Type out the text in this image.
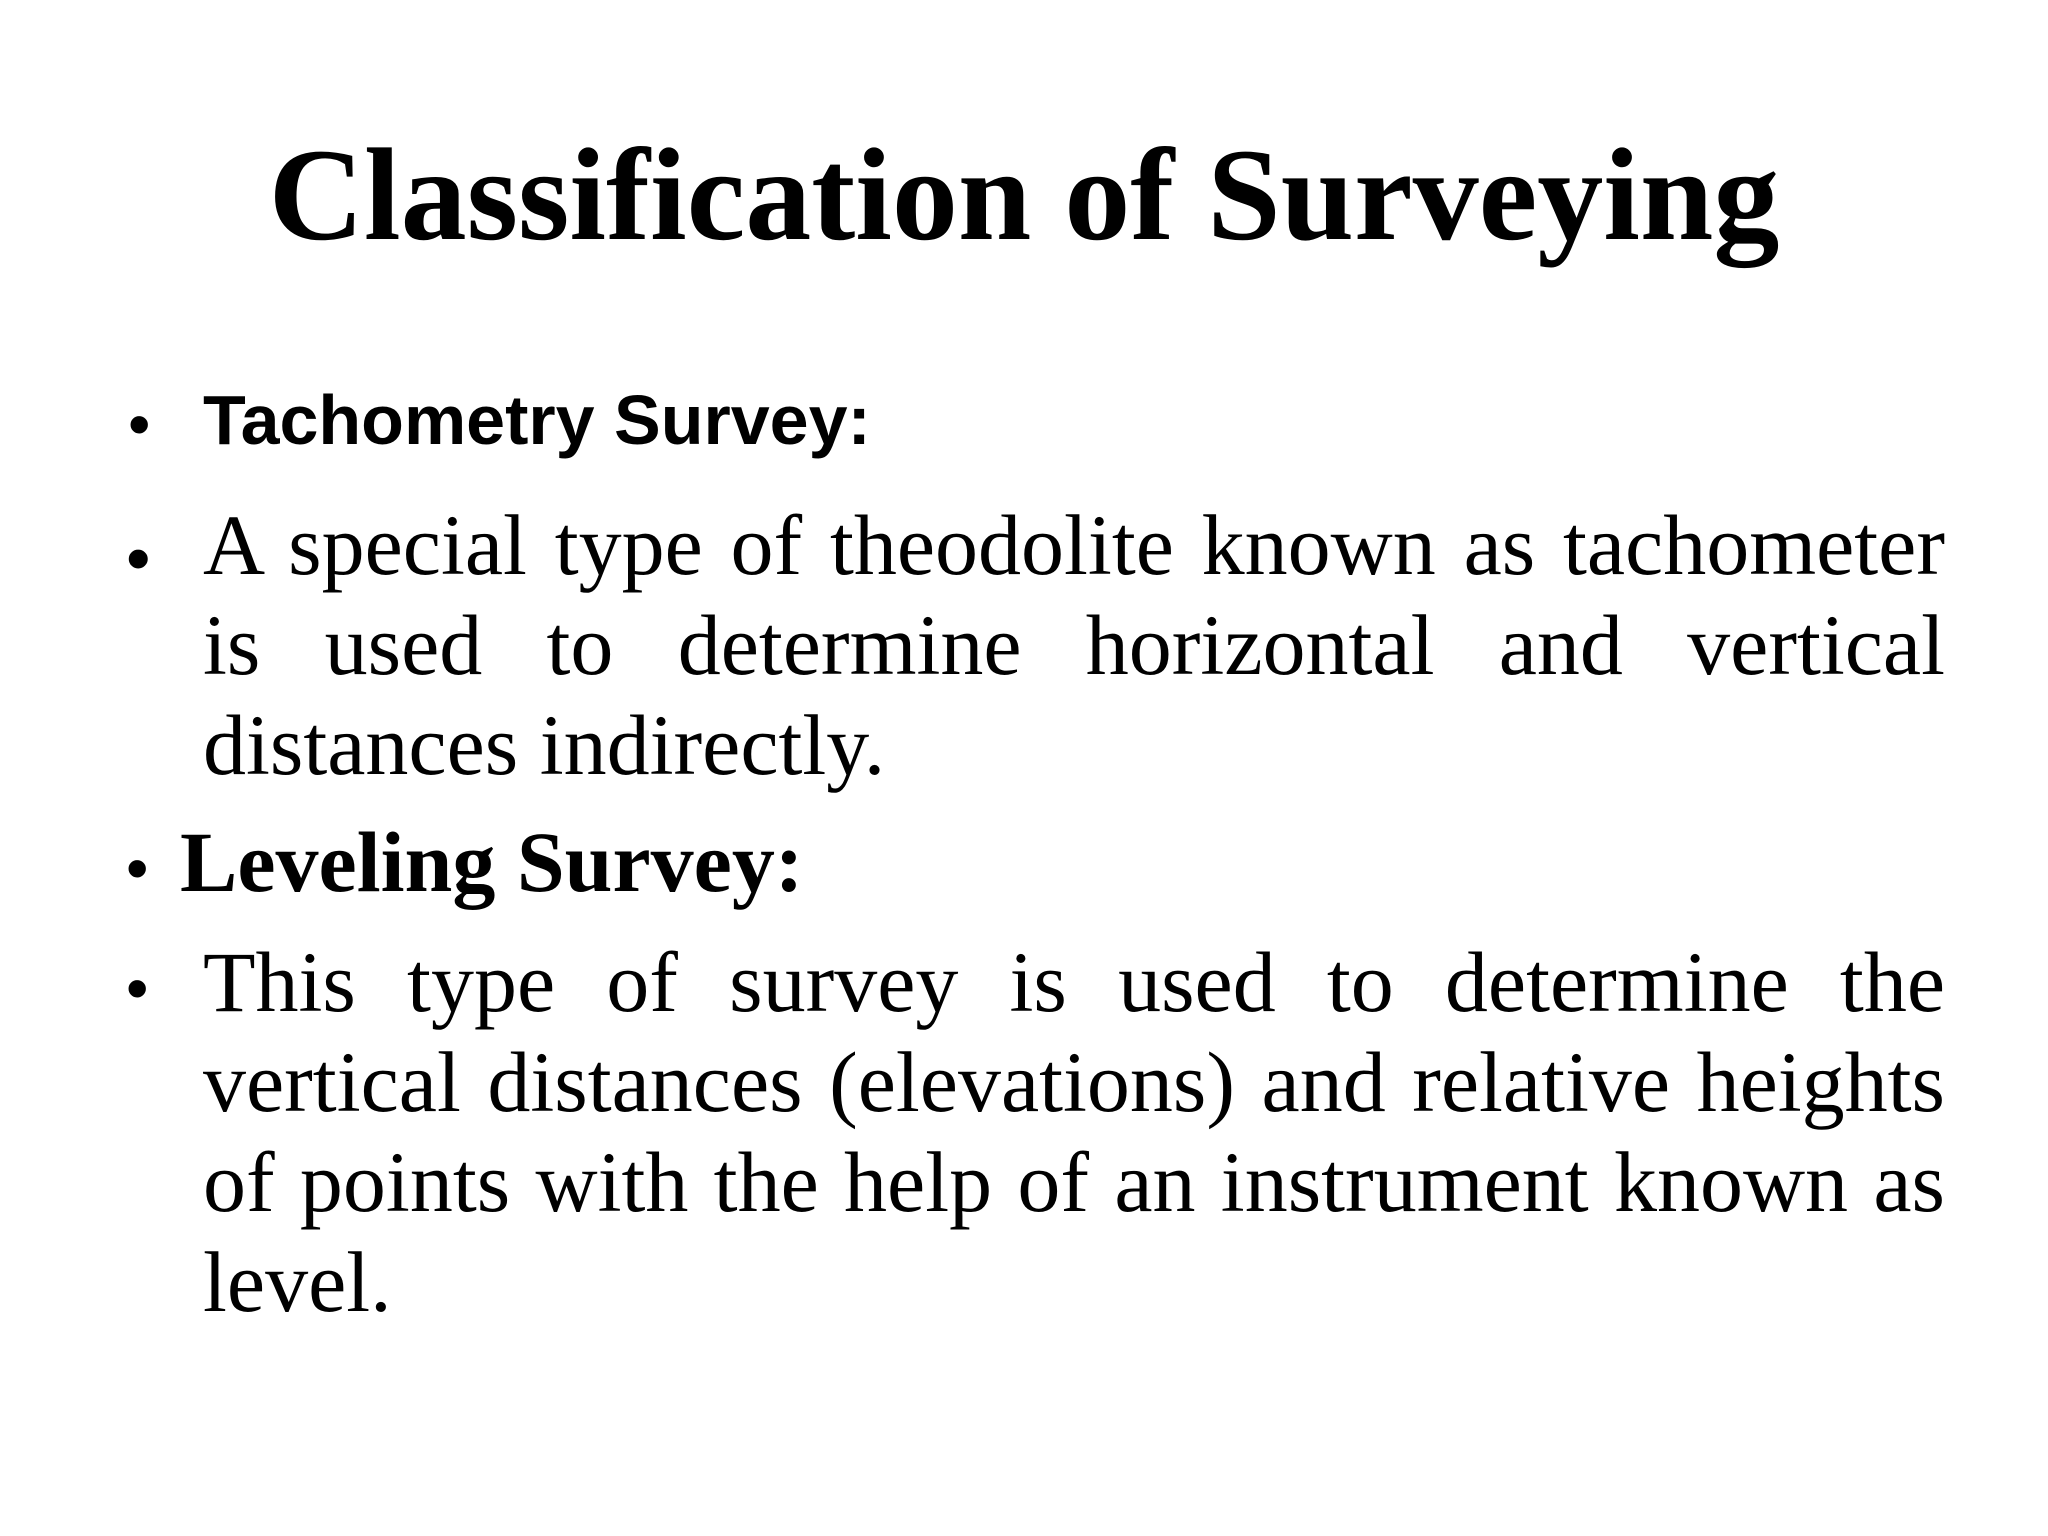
Classification of Surveying
• Tachometry Survey:
• A special type of theodolite known as tachometer is used to determine horizontal and vertical distances indirectly.
• Leveling Survey:
• This type of survey is used to determine the vertical distances (elevations) and relative heights of points with the help of an instrument known as level.
